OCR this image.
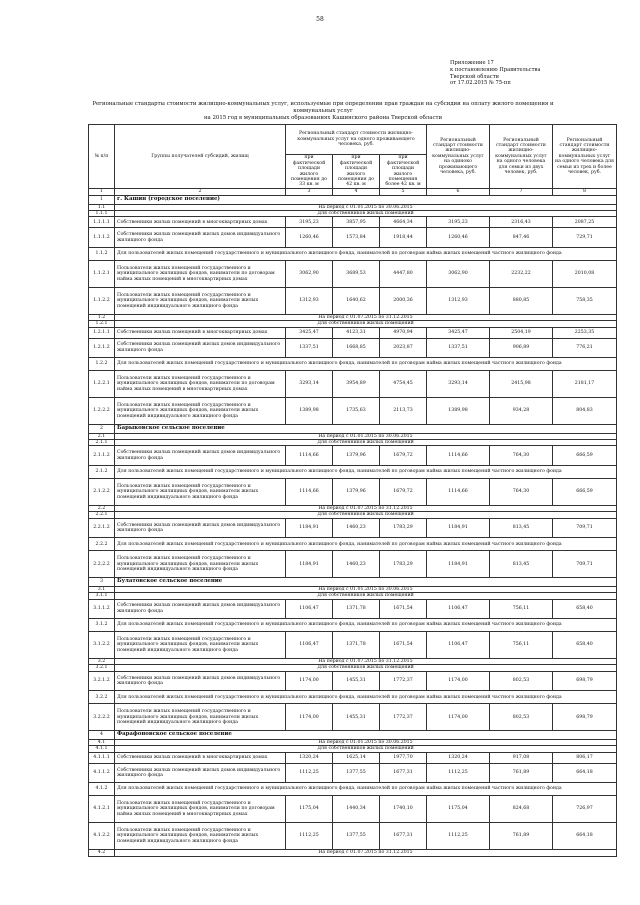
58
Приложение 17
к постановлению Правительства
Тверской области
от 17.02.2015 № 75-пп
Региональные стандарты стоимости жилищно-коммунальных услуг, используемые при определении прав граждан на субсидии на оплату жилого помещения и коммунальных услуг
на 2015 год в муниципальных образованиях Кашинского района Тверской области
№ п/п	Группы получателей субсидий, жилищ	Региональный стандарт стоимости жилищно-коммунальных услуг на одного проживающего человека, руб.			Региональный стандарт стоимости жилищно-коммунальных услуг на одиноко проживающего человека, руб.	Региональный стандарт стоимости жилищно-коммунальных услуг на одного человека для семьи из двух человек, руб.	Региональный стандарт стоимости жилищно-коммунальных услуг на одного человека для семьи из трех и более человек, руб.
		при фактической площади жилого помещения до 33 кв. м	при фактической площади жилого помещения до 42 кв. м	при фактической площади жилого помещения более 42 кв. м			
1	2	3	4	5	6	7	8
1	г. Кашин (городское поселение)						
1.1	На период с 01.01.2015 по 30.06.2015						
1.1.1	Для собственников жилых помещений						
1.1.1.1	Собственники жилых помещений в многоквартирных домах	3195,23	3857,95	4664,34	3195,23	2316,43	2087,25
1.1.1.2	Собственники жилых помещений жилых домов индивидуального жилищного фонда	1260,46	1573,84	1918,44	1260,46	847,46	729,71
1.1.2	Для пользователей жилых помещений государственного и муниципального жилищного фонда, нанимателей по договорам найма жилых помещений частного жилищного фонда						
1.1.2.1	Пользователи жилых помещений государственного и муниципального жилищных фондов, наниматели по договорам найма жилых помещений в многоквартирных домах	3062,90	3689,53	4447,80	3062,90	2232,22	2010,08
1.1.2.2	Пользователи жилых помещений государственного и муниципального жилищных фондов, наниматели жилых помещений индивидуального жилищного фонда	1312,93	1640,62	2000,36	1312,93	880,85	758,35
1.2	На период с 01.07.2015 по 31.12.2015						
1.2.1	Для собственников жилых помещений						
1.2.1.1	Собственники жилых помещений в многоквартирных домах	3425,47	4123,31	4970,94	3425,47	2504,19	2253,35
1.2.1.2	Собственники жилых помещений жилых домов индивидуального жилищного фонда	1337,51	1668,85	2023,87	1337,51	906,89	776,21
1.2.2	Для пользователей жилых помещений государственного и муниципального жилищного фонда, нанимателей по договорам найма жилых помещений частного жилищного фонда						
1.2.2.1	Пользователи жилых помещений государственного и муниципального жилищных фондов, наниматели по договорам найма жилых помещений в многоквартирных домах	3293,14	3954,89	4754,45	3293,14	2415,98	2181,17
1.2.2.2	Пользователи жилых помещений государственного и муниципального жилищных фондов, наниматели жилых помещений индивидуального жилищного фонда	1389,98	1735,63	2113,73	1389,98	934,28	804,83
2	Барыковское сельское поселение						
2.1	На период с 01.01.2015 по 30.06.2015						
2.1.1	Для собственников жилых помещений						
2.1.1.2	Собственники жилых помещений жилых домов индивидуального жилищного фонда	1114,66	1379,96	1679,72	1114,66	764,30	666,59
2.1.2	Для пользователей жилых помещений государственного и муниципального жилищного фонда, нанимателей по договорам найма жилых помещений частного жилищного фонда						
2.1.2.2	Пользователи жилых помещений государственного и муниципального жилищных фондов, наниматели жилых помещений индивидуального жилищного фонда	1114,66	1379,96	1679,72	1114,66	764,30	666,59
2.2	На период с 01.07.2015 по 31.12.2015						
2.2.1	Для собственников жилых помещений						
2.2.1.2	Собственники жилых помещений жилых домов индивидуального жилищного фонда	1184,91	1460,23	1783,29	1184,91	813,45	709,71
2.2.2	Для пользователей жилых помещений государственного и муниципального жилищного фонда, нанимателей по договорам найма жилых помещений частного жилищного фонда						
2.2.2.2	Пользователи жилых помещений государственного и муниципального жилищных фондов, наниматели жилых помещений индивидуального жилищного фонда	1184,91	1460,23	1783,29	1184,91	813,45	709,71
3	Булатовское сельское поселение						
3.1	На период с 01.01.2015 по 30.06.2015						
3.1.1	Для собственников жилых помещений						
3.1.1.2	Собственники жилых помещений жилых домов индивидуального жилищного фонда	1106,47	1371,78	1671,54	1106,47	756,11	658,40
3.1.2	Для пользователей жилых помещений государственного и муниципального жилищного фонда, нанимателей по договорам найма жилых помещений частного жилищного фонда						
3.1.2.2	Пользователи жилых помещений государственного и муниципального жилищных фондов, наниматели жилых помещений индивидуального жилищного фонда	1106,47	1371,78	1671,54	1106,47	756,11	658,40
3.2	На период с 01.07.2015 по 31.12.2015						
3.2.1	Для собственников жилых помещений						
3.2.1.2	Собственники жилых помещений жилых домов индивидуального жилищного фонда	1174,00	1455,31	1772,37	1174,00	802,53	698,79
3.2.2	Для пользователей жилых помещений государственного и муниципального жилищного фонда, нанимателей по договорам найма жилых помещений частного жилищного фонда						
3.2.2.2	Пользователи жилых помещений государственного и муниципального жилищных фондов, наниматели жилых помещений индивидуального жилищного фонда	1174,00	1455,31	1772,37	1174,00	802,53	698,79
4	Фарафоновское сельское поселение						
4.1	На период с 01.01.2015 по 30.06.2015						
4.1.1	Для собственников жилых помещений						
4.1.1.1	Собственники жилых помещений в многоквартирных домах	1320,24	1625,14	1977,70	1320,24	917,08	806,17
4.1.1.2	Собственники жилых помещений жилых домов индивидуального жилищного фонда	1112,25	1377,55	1677,31	1112,25	761,89	664,18
4.1.2	Для пользователей жилых помещений государственного и муниципального жилищного фонда, нанимателей по договорам найма жилых помещений частного жилищного фонда						
4.1.2.1	Пользователи жилых помещений государственного и муниципального жилищных фондов, наниматели по договорам найма жилых помещений в многоквартирных домах	1175,04	1440,34	1740,10	1175,04	824,68	726,97
4.1.2.2	Пользователи жилых помещений государственного и муниципального жилищных фондов, наниматели жилых помещений индивидуального жилищного фонда	1112,25	1377,55	1677,31	1112,25	761,89	664,18
4.2	На период с 01.07.2015 по 31.12.2015						
